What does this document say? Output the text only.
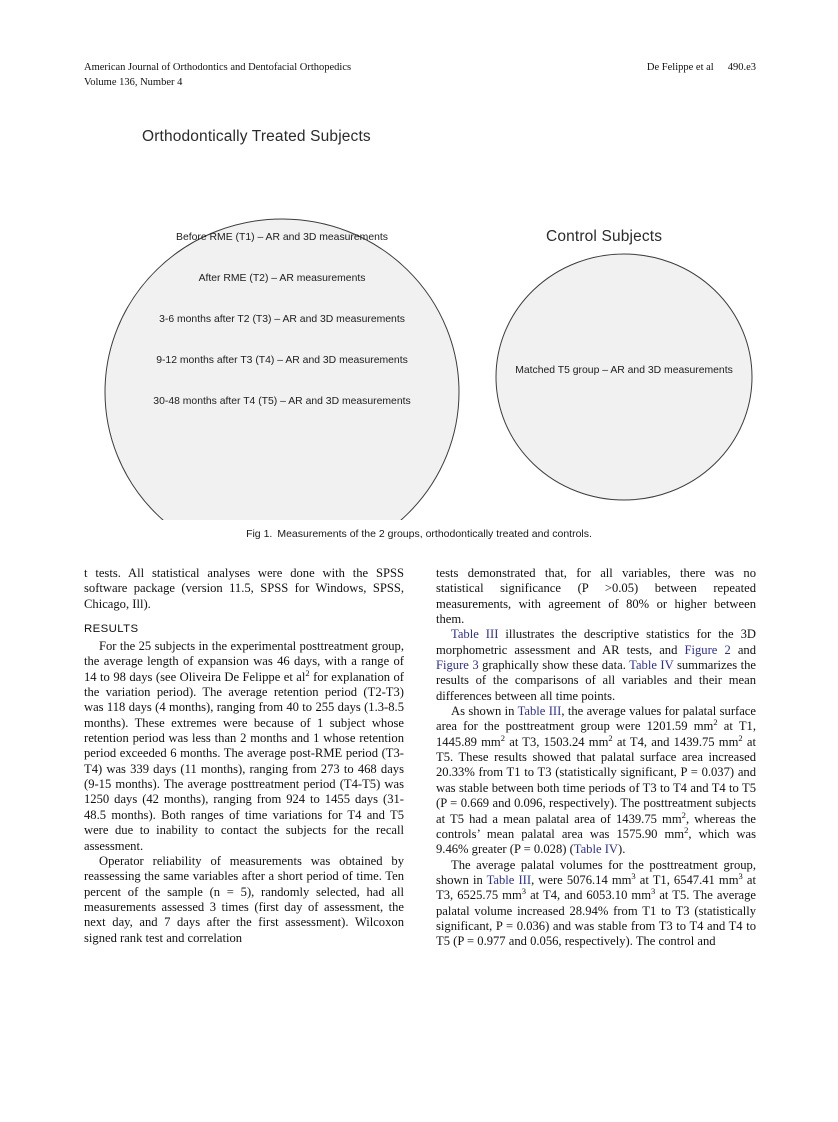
American Journal of Orthodontics and Dentofacial Orthopedics	De Felippe et al 490.e3
Volume 136, Number 4
Orthodontically Treated Subjects
Control Subjects
Before RME (T1) – AR and 3D measurements
After RME (T2) – AR measurements
3-6 months after T2 (T3) – AR and 3D measurements
9-12 months after T3 (T4) – AR and 3D measurements
30-48 months after T4 (T5) – AR and 3D measurements
Matched T5 group – AR and 3D measurements
Fig 1. Measurements of the 2 groups, orthodontically treated and controls.

t tests. All statistical analyses were done with the SPSS software package (version 11.5, SPSS for Windows, SPSS, Chicago, Ill).

RESULTS

For the 25 subjects in the experimental posttreatment group, the average length of expansion was 46 days, with a range of 14 to 98 days (see Oliveira De Felippe et $al^2$ for explanation of the variation period). The average retention period (T2-T3) was 118 days (4 months), ranging from 40 to 255 days (1.3-8.5 months). These extremes were because of 1 subject whose retention period was less than 2 months and 1 whose retention period exceeded 6 months. The average post-RME period (T3-T4) was 339 days (11 months), ranging from 273 to 468 days (9-15 months). The average posttreatment period (T4-T5) was 1250 days (42 months), ranging from 924 to 1455 days (31-48.5 months). Both ranges of time variations for T4 and T5 were due to inability to contact the subjects for the recall assessment.

Operator reliability of measurements was obtained by reassessing the same variables after a short period of time. Ten percent of the sample (n = 5), randomly selected, had all measurements assessed 3 times (first day of assessment, the next day, and 7 days after the first assessment). Wilcoxon signed rank test and correlation

tests demonstrated that, for all variables, there was no statistical significance (P >0.05) between repeated measurements, with agreement of 80% or higher between them.

Table III illustrates the descriptive statistics for the 3D morphometric assessment and AR tests, and Figure 2 and Figure 3 graphically show these data. Table IV summarizes the results of the comparisons of all variables and their mean differences between all time points.

As shown in Table III, the average values for palatal surface area for the posttreatment group were 1201.59 $mm^2$ at T1, 1445.89 $mm^2$ at T3, 1503.24 $mm^2$ at T4, and 1439.75 $mm^2$ at T5. These results showed that palatal surface area increased 20.33% from T1 to T3 (statistically significant, P = 0.037) and was stable between both time periods of T3 to T4 and T4 to T5 (P = 0.669 and 0.096, respectively). The posttreatment subjects at T5 had a mean palatal area of 1439.75 $mm^2$, whereas the controls’ mean palatal area was 1575.90 $mm^2$, which was 9.46% greater (P = 0.028) (Table IV).

The average palatal volumes for the posttreatment group, shown in Table III, were 5076.14 $mm^3$ at T1, 6547.41 $mm^3$ at T3, 6525.75 $mm^3$ at T4, and 6053.10 $mm^3$ at T5. The average palatal volume increased 28.94% from T1 to T3 (statistically significant, P = 0.036) and was stable from T3 to T4 and T4 to T5 (P = 0.977 and 0.056, respectively). The control and
